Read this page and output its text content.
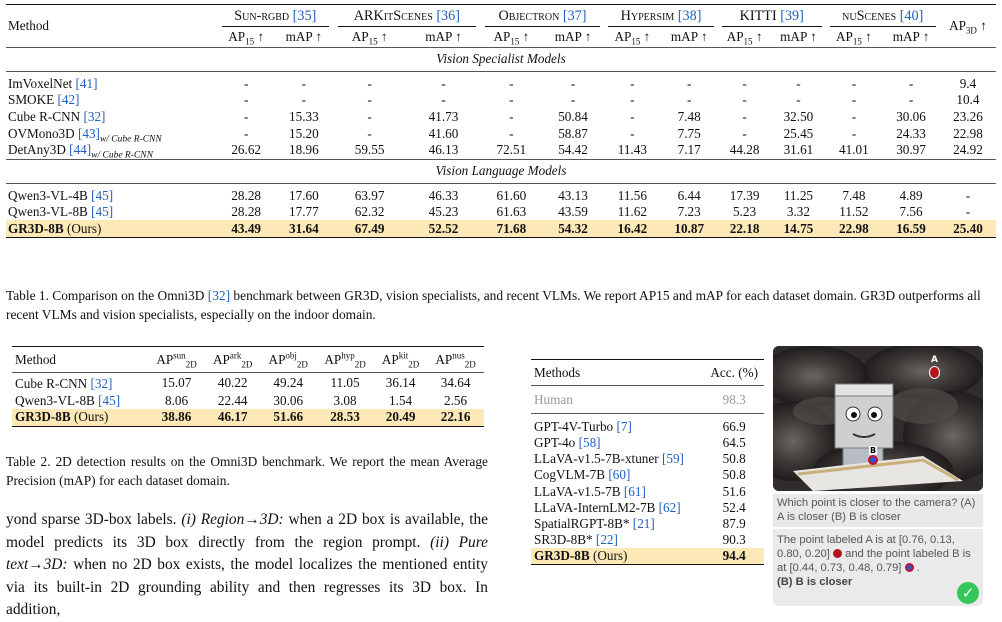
Method	Sun-rgbd [35]		ARKitScenes [36]		Objectron [37]		Hypersim [38]		KITTI [39]		nuScenes [40]		$AP_{3D}$ ↑
	$AP_{15}$ ↑	mAP ↑	$AP_{15}$ ↑	mAP ↑	$AP_{15}$ ↑	mAP ↑	$AP_{15}$ ↑	mAP ↑	$AP_{15}$ ↑	mAP ↑	$AP_{15}$ ↑	mAP ↑	
Vision Specialist Models													
ImVoxelNet [41]	-	-	-	-	-	-	-	-	-	-	-	-	9.4
SMOKE [42]	-	-	-	-	-	-	-	-	-	-	-	-	10.4
Cube R-CNN [32]	-	15.33	-	41.73	-	50.84	-	7.48	-	32.50	-	30.06	23.26
OVMono3D $[43]_{w/ Cube R-CNN}$	-	15.20	-	41.60	-	58.87	-	7.75	-	25.45	-	24.33	22.98
DetAny3D $[44]_{w/ Cube R-CNN}$	26.62	18.96	59.55	46.13	72.51	54.42	11.43	7.17	44.28	31.61	41.01	30.97	24.92
Vision Language Models													
Qwen3-VL-4B [45]	28.28	17.60	63.97	46.33	61.60	43.13	11.56	6.44	17.39	11.25	7.48	4.89	-
Qwen3-VL-8B [45]	28.28	17.77	62.32	45.23	61.63	43.59	11.62	7.23	5.23	3.32	11.52	7.56	-
GR3D-8B (Ours)	43.49	31.64	67.49	52.52	71.68	54.32	16.42	10.87	22.18	14.75	22.98	16.59	25.40

Table 1. Comparison on the Omni3D [32] benchmark between GR3D, vision specialists, and recent VLMs. We report AP15 and mAP for each dataset domain. GR3D outperforms all recent VLMs and vision specialists, especially on the indoor domain.

Method	$AP^{sun}_{2D}$	$AP^{ark}_{2D}$	$AP^{obj}_{2D}$	$AP^{hyp}_{2D}$	$AP^{kit}_{2D}$	$AP^{nus}_{2D}$
Cube R-CNN [32]	15.07	40.22	49.24	11.05	36.14	34.64
Qwen3-VL-8B [45]	8.06	22.44	30.06	3.08	1.54	2.56
GR3D-8B (Ours)	38.86	46.17	51.66	28.53	20.49	22.16

Table 2. 2D detection results on the Omni3D benchmark. We report the mean Average Precision (mAP) for each dataset domain.

yond sparse 3D-box labels. (i) Region→3D: when a 2D box is available, the model predicts its 3D box directly from the region prompt. (ii) Pure text→3D: when no 2D box exists, the model localizes the mentioned entity via its built-in 2D grounding ability and then regresses its 3D box. In addition,

Methods	Acc. (%)
Human	98.3
GPT-4V-Turbo [7]	66.9
GPT-4o [58]	64.5
LLaVA-v1.5-7B-xtuner [59]	50.8
CogVLM-7B [60]	50.8
LLaVA-v1.5-7B [61]	51.6
LLaVA-InternLM2-7B [62]	52.4
SpatialRGPT-8B* [21]	87.9
SR3D-8B* [22]	90.3
GR3D-8B (Ours)	94.4
A
B
Which point is closer to the camera? (A) A is closer (B) B is closer
The point labeled A is at [0.76, 0.13, 0.80, 0.20]  and the point labeled B is at [0.44, 0.73, 0.48, 0.79]  .
(B) B is closer
✓
